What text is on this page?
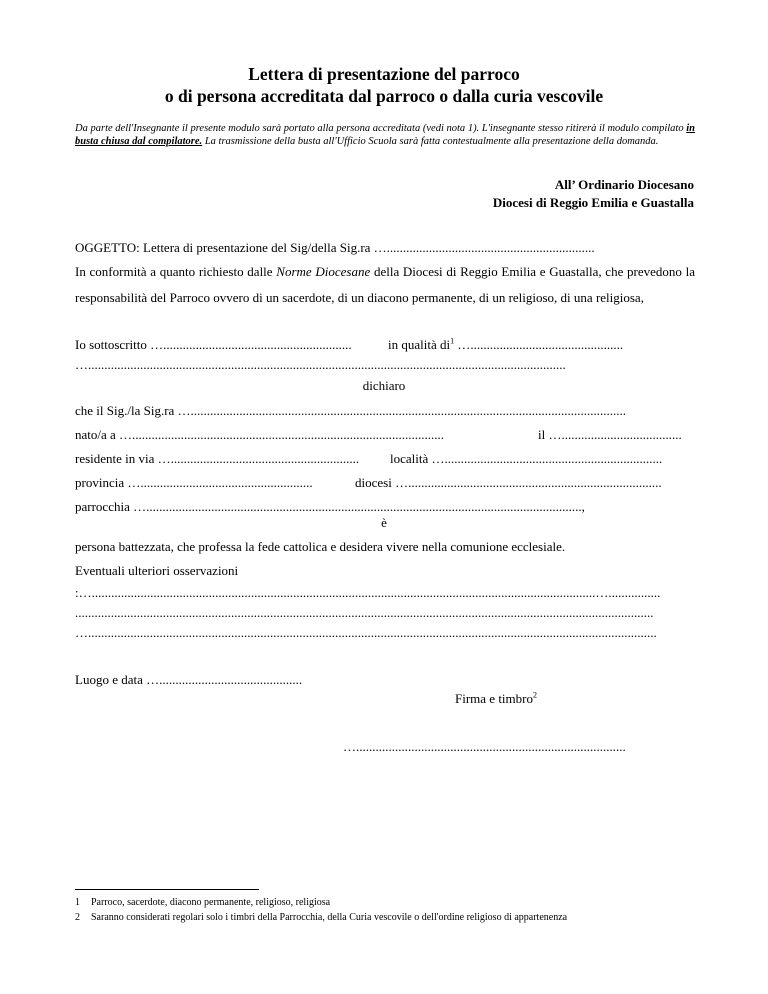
Lettera di presentazione del parroco
o di persona accreditata dal parroco o dalla curia vescovile
Da parte dell'Insegnante il presente modulo sarà portato alla persona accreditata (vedi nota 1). L'insegnante stesso ritirerà il modulo compilato in busta chiusa dal compilatore. La trasmissione della busta all'Ufficio Scuola sarà fatta contestualmente alla presentazione della domanda.
All’ Ordinario Diocesano
Diocesi di Reggio Emilia e Guastalla
OGGETTO: Lettera di presentazione del Sig/della Sig.ra …................................................................
In conformità a quanto richiesto dalle Norme Diocesane della Diocesi di Reggio Emilia e Guastalla, che prevedono la responsabilità del Parroco ovvero di un sacerdote, di un diacono permanente, di un religioso, di una religiosa,
Io sottoscritto …..........................................................	in qualità $di^1$ …...............................................
…...................................................................................................................................................
dichiaro
che il Sig./la Sig.ra …......................................................................................................................................
nato/a a …................................................................................................	il ….....................................
residente in via ….......................................................... località …...................................................................
provincia ….....................................................	diocesi …..............................................................................
parrocchia …......................................................................................................................................,
è
persona battezzata, che professa la fede cattolica e desidera vivere nella comunione ecclesiale.
Eventuali ulteriori osservazioni
:…...........................................................................................................................................................…................
..................................................................................................................................................................................
…...............................................................................................................................................................................
Luogo e data …............................................
Firma e timbro$^2$
…...................................................................................
1 Parroco, sacerdote, diacono permanente, religioso, religiosa
2 Saranno considerati regolari solo i timbri della Parrocchia, della Curia vescovile o dell'ordine religioso di appartenenza
